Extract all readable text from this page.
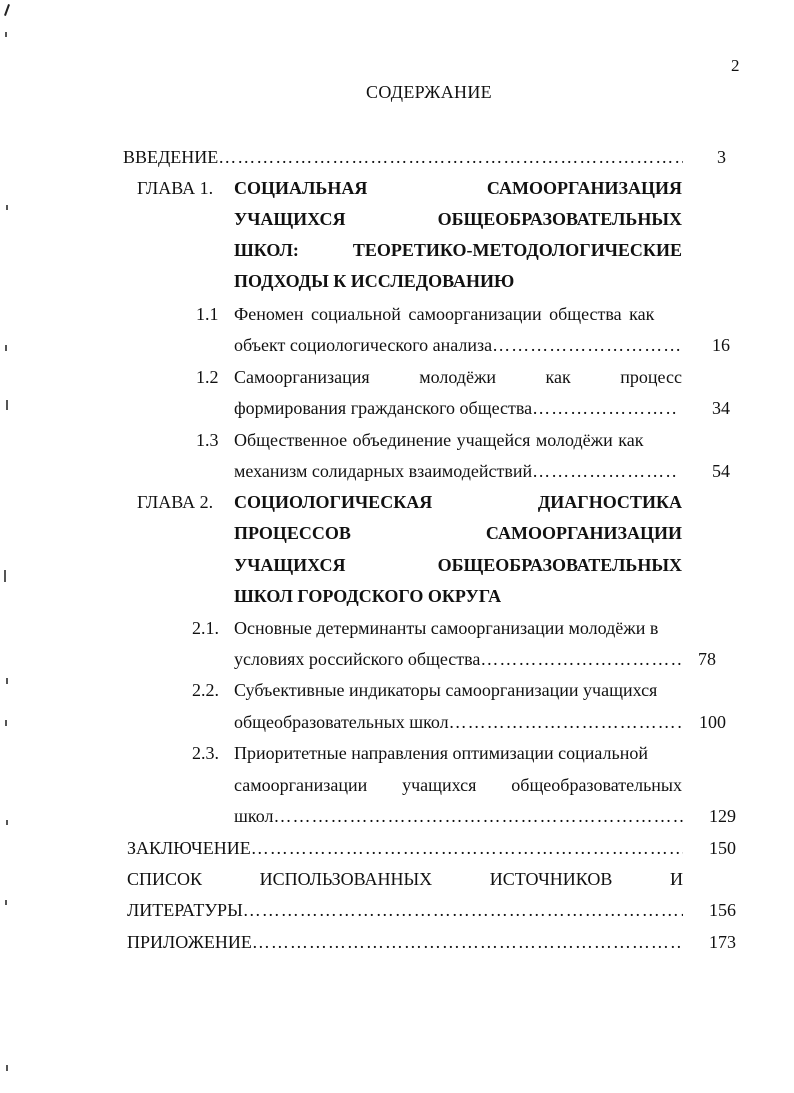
2
СОДЕРЖАНИЕ
ВВЕДЕНИЕ …………………………………………………………………………………………………………………………………	3
ГЛАВА 1. СОЦИАЛЬНАЯ	САМООРГАНИЗАЦИЯ
УЧАЩИХСЯ	ОБЩЕОБРАЗОВАТЕЛЬНЫХ
ШКОЛ:	ТЕОРЕТИКО-МЕТОДОЛОГИЧЕСКИЕ
ПОДХОДЫ К ИССЛЕДОВАНИЮ
1.1 Феномен социальной самоорганизации общества как
объект социологического анализа …………………………………………………………………………………………………………………………………	16
1.2 Самоорганизация	молодёжи	как	процесс
формирования гражданского общества …………………………………………………………………………………………………………………………………	34
1.3 Общественное объединение учащейся молодёжи как
механизм солидарных взаимодействий …………………………………………………………………………………………………………………………………	54
ГЛАВА 2. СОЦИОЛОГИЧЕСКАЯ	ДИАГНОСТИКА
ПРОЦЕССОВ	САМООРГАНИЗАЦИИ
УЧАЩИХСЯ	ОБЩЕОБРАЗОВАТЕЛЬНЫХ
ШКОЛ ГОРОДСКОГО ОКРУГА
2.1. Основные детерминанты самоорганизации молодёжи в
условиях российского общества …………………………………………………………………………………………………………………………………	78
2.2. Субъективные индикаторы самоорганизации учащихся
общеобразовательных школ …………………………………………………………………………………………………………………………………	100
2.3. Приоритетные направления оптимизации социальной
самоорганизации учащихся общеобразовательных
школ …………………………………………………………………………………………………………………………………	129
ЗАКЛЮЧЕНИЕ …………………………………………………………………………………………………………………………………	150
СПИСОК	ИСПОЛЬЗОВАННЫХ	ИСТОЧНИКОВ	И
ЛИТЕРАТУРЫ …………………………………………………………………………………………………………………………………	156
ПРИЛОЖЕНИЕ …………………………………………………………………………………………………………………………………	173
